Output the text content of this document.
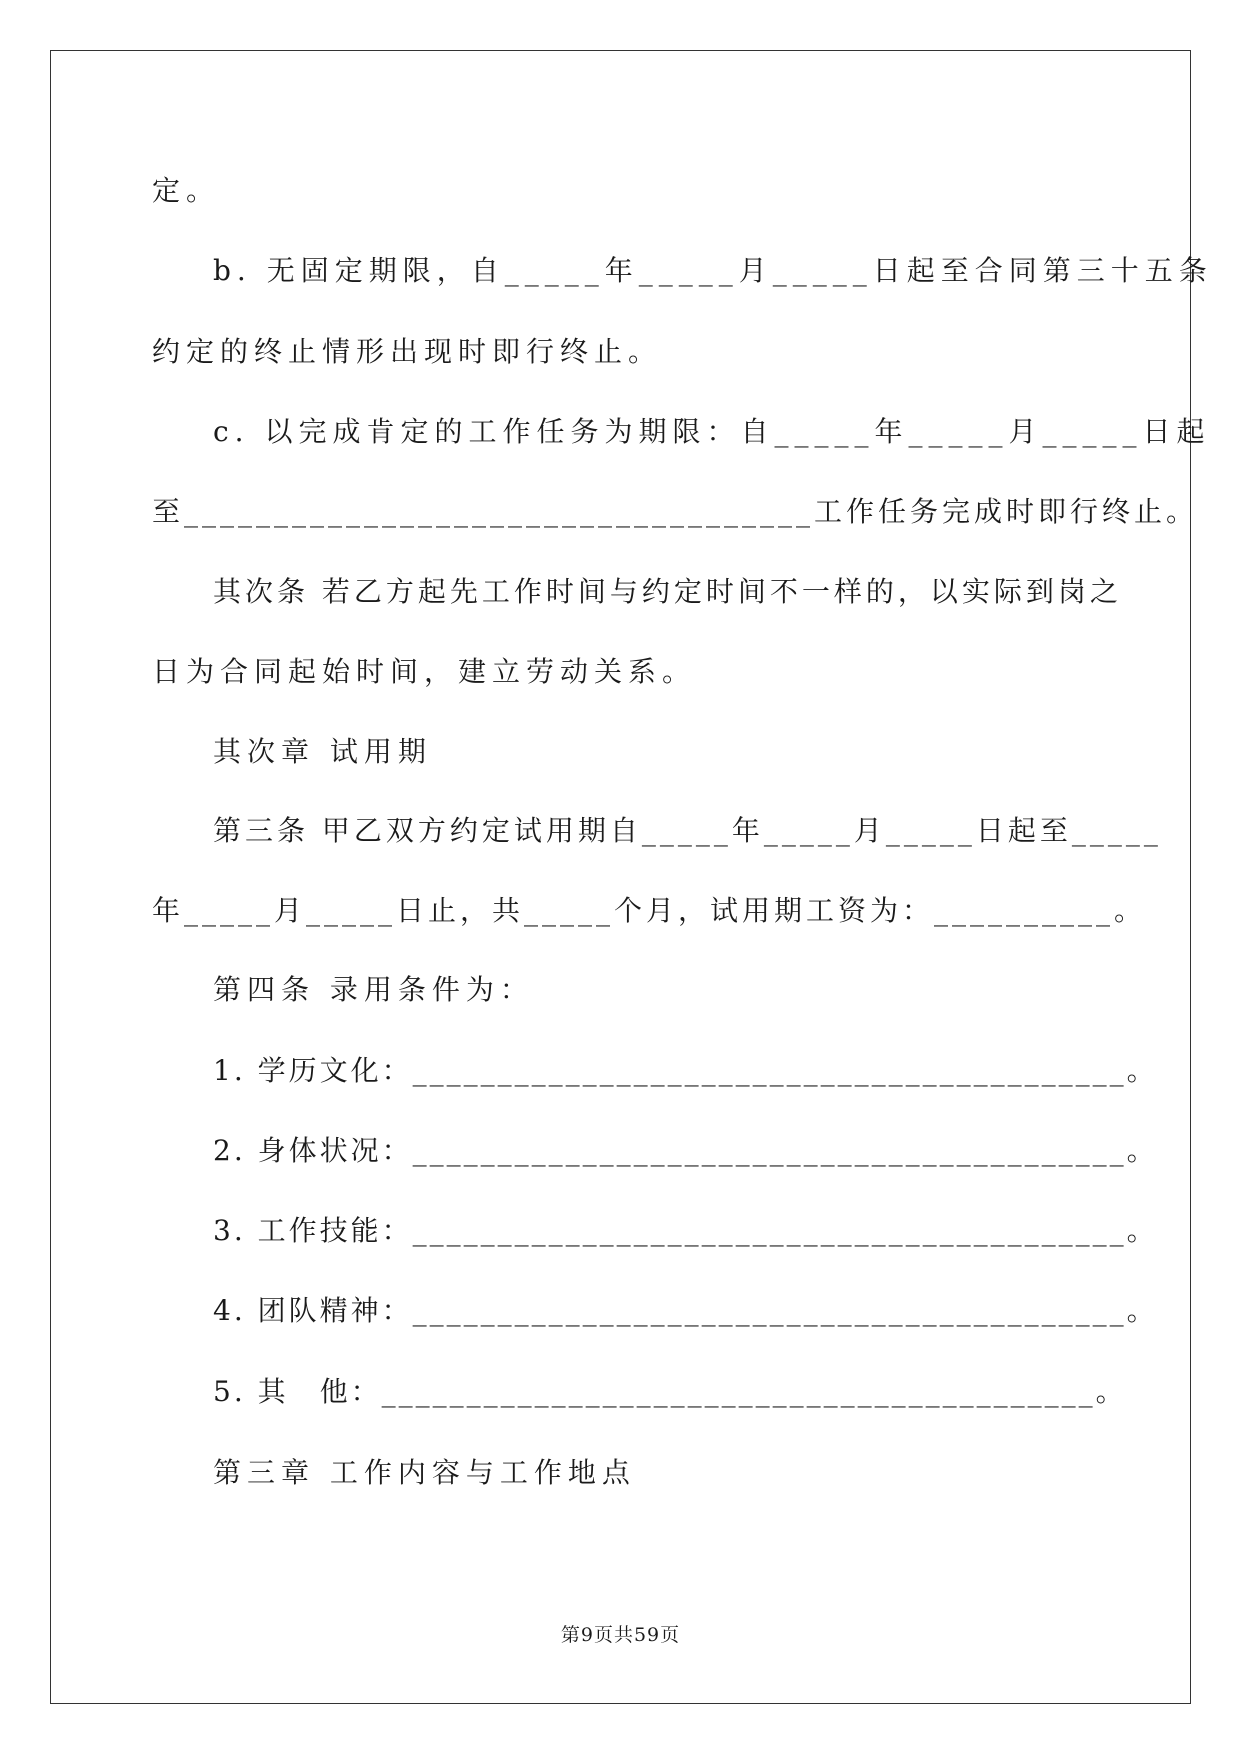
定。
b. 无固定期限，自_____年_____月_____日起至合同第三十五条
约定的终止情形出现时即行终止。
c. 以完成肯定的工作任务为期限：自_____年_____月_____日起
至___________________________________工作任务完成时即行终止。
其次条 若乙方起先工作时间与约定时间不一样的，以实际到岗之
日为合同起始时间，建立劳动关系。
其次章 试用期
第三条 甲乙双方约定试用期自_____年_____月_____日起至_____
年_____月_____日止，共_____个月，试用期工资为：__________。
第四条 录用条件为：
1. 学历文化：__________________________________________。
2. 身体状况：__________________________________________。
3. 工作技能：__________________________________________。
4. 团队精神：__________________________________________。
5. 其　他：__________________________________________。
第三章 工作内容与工作地点
第9页共59页
